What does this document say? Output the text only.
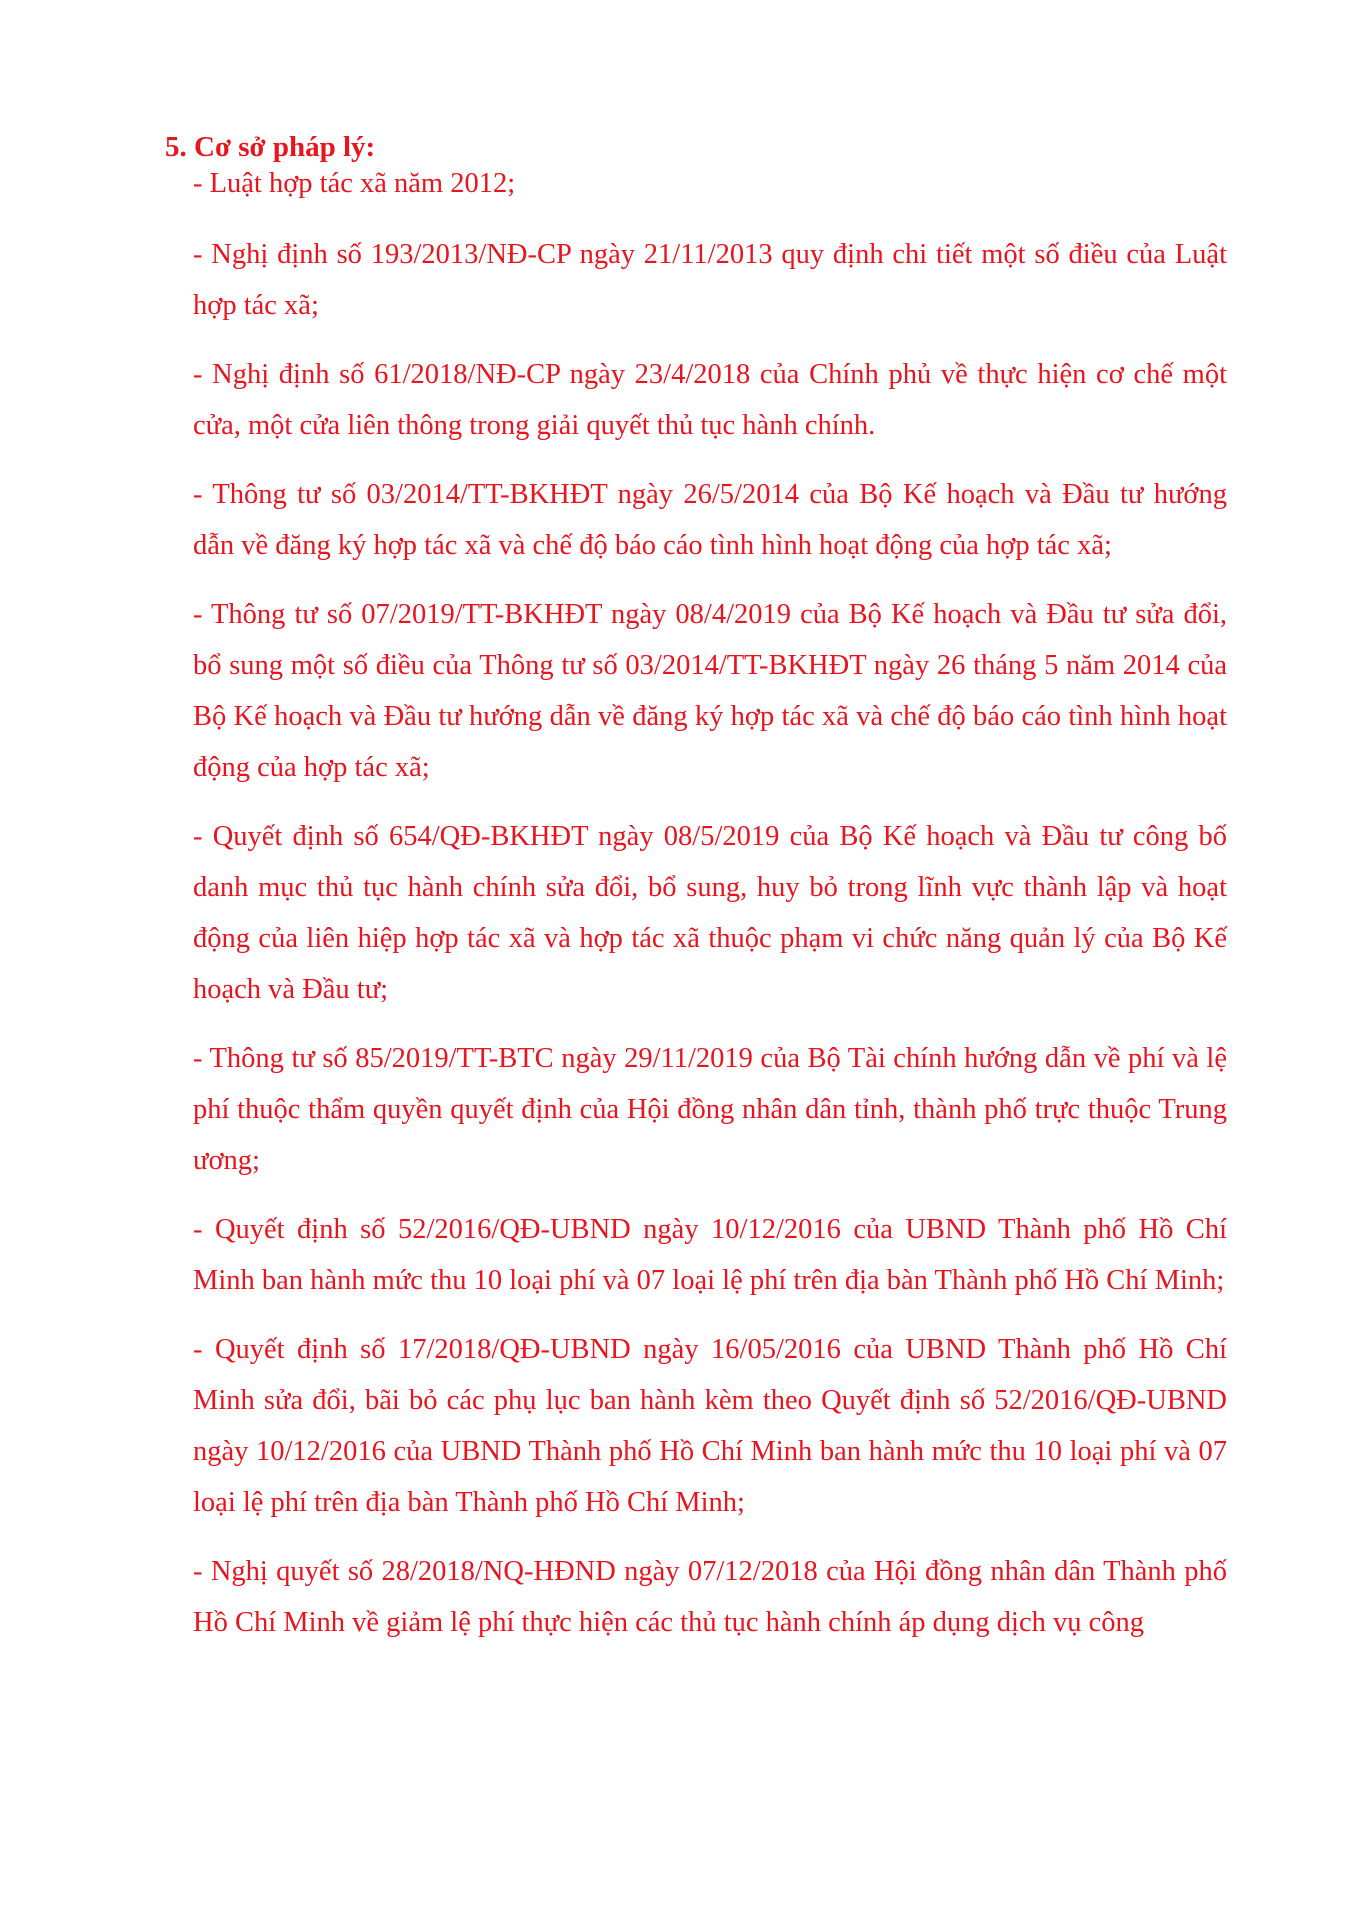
5. Cơ sở pháp lý:

- Luật hợp tác xã năm 2012;

- Nghị định số 193/2013/NĐ-CP ngày 21/11/2013 quy định chi tiết một số điều của Luật hợp tác xã;

- Nghị định số 61/2018/NĐ-CP ngày 23/4/2018 của Chính phủ về thực hiện cơ chế một cửa, một cửa liên thông trong giải quyết thủ tục hành chính.

- Thông tư số 03/2014/TT-BKHĐT ngày 26/5/2014 của Bộ Kế hoạch và Đầu tư hướng dẫn về đăng ký hợp tác xã và chế độ báo cáo tình hình hoạt động của hợp tác xã;

- Thông tư số 07/2019/TT-BKHĐT ngày 08/4/2019 của Bộ Kế hoạch và Đầu tư sửa đổi, bổ sung một số điều của Thông tư số 03/2014/TT-BKHĐT ngày 26 tháng 5 năm 2014 của Bộ Kế hoạch và Đầu tư hướng dẫn về đăng ký hợp tác xã và chế độ báo cáo tình hình hoạt động của hợp tác xã;

- Quyết định số 654/QĐ-BKHĐT ngày 08/5/2019 của Bộ Kế hoạch và Đầu tư công bố danh mục thủ tục hành chính sửa đổi, bổ sung, huy bỏ trong lĩnh vực thành lập và hoạt động của liên hiệp hợp tác xã và hợp tác xã thuộc phạm vi chức năng quản lý của Bộ Kế hoạch và Đầu tư;

- Thông tư số 85/2019/TT-BTC ngày 29/11/2019 của Bộ Tài chính hướng dẫn về phí và lệ phí thuộc thẩm quyền quyết định của Hội đồng nhân dân tỉnh, thành phố trực thuộc Trung ương;

- Quyết định số 52/2016/QĐ-UBND ngày 10/12/2016 của UBND Thành phố Hồ Chí Minh ban hành mức thu 10 loại phí và 07 loại lệ phí trên địa bàn Thành phố Hồ Chí Minh;

- Quyết định số 17/2018/QĐ-UBND ngày 16/05/2016 của UBND Thành phố Hồ Chí Minh sửa đổi, bãi bỏ các phụ lục ban hành kèm theo Quyết định số 52/2016/QĐ-UBND ngày 10/12/2016 của UBND Thành phố Hồ Chí Minh ban hành mức thu 10 loại phí và 07 loại lệ phí trên địa bàn Thành phố Hồ Chí Minh;

- Nghị quyết số 28/2018/NQ-HĐND ngày 07/12/2018 của Hội đồng nhân dân Thành phố Hồ Chí Minh về giảm lệ phí thực hiện các thủ tục hành chính áp dụng dịch vụ công
